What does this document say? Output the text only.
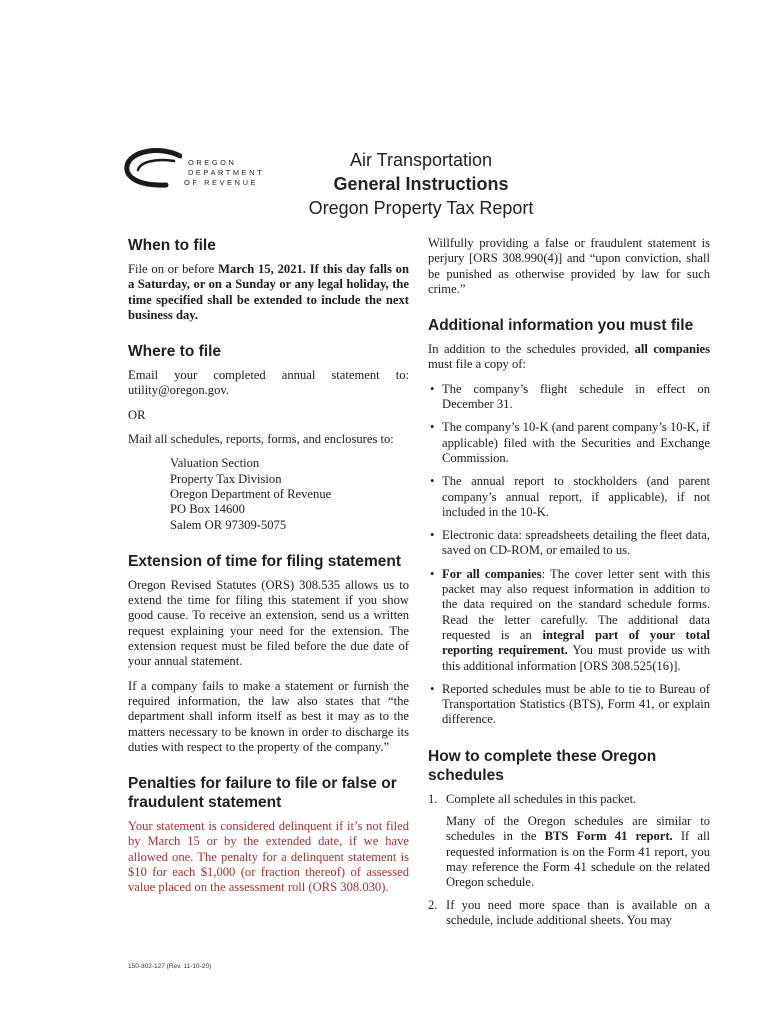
OREGON
DEPARTMENT
OF REVENUE
Air Transportation
General Instructions
Oregon Property Tax Report
When to file

File on or before March 15, 2021. If this day falls on a Saturday, or on a Sunday or any legal holiday, the time specified shall be extended to include the next business day.

Where to file

Email your completed annual statement to: utility@oregon.gov.

OR

Mail all schedules, reports, forms, and enclosures to:

Valuation Section
Property Tax Division
Oregon Department of Revenue
PO Box 14600
Salem OR 97309-5075
Extension of time for filing statement

Oregon Revised Statutes (ORS) 308.535 allows us to extend the time for filing this statement if you show good cause. To receive an extension, send us a written request explaining your need for the extension. The extension request must be filed before the due date of your annual statement.

If a company fails to make a statement or furnish the required information, the law also states that “the department shall inform itself as best it may as to the matters necessary to be known in order to discharge its duties with respect to the property of the company.”

Penalties for failure to file or false or fraudulent statement

Your statement is considered delinquent if it’s not filed by March 15 or by the extended date, if we have allowed one. The penalty for a delinquent statement is $10 for each $1,000 (or fraction thereof) of assessed value placed on the assessment roll (ORS 308.030).

Willfully providing a false or fraudulent statement is perjury [ORS 308.990(4)] and “upon conviction, shall be punished as otherwise provided by law for such crime.”

Additional information you must file

In addition to the schedules provided, all companies must file a copy of:

• The company’s flight schedule in effect on December 31.
• The company’s 10-K (and parent company’s 10-K, if applicable) filed with the Securities and Exchange Commission.
• The annual report to stockholders (and parent company’s annual report, if applicable), if not included in the 10-K.
• Electronic data: spreadsheets detailing the fleet data, saved on CD-ROM, or emailed to us.
• For all companies: The cover letter sent with this packet may also request information in addition to the data required on the standard schedule forms. Read the letter carefully. The additional data requested is an integral part of your total reporting requirement. You must provide us with this additional information [ORS 308.525(16)].
• Reported schedules must be able to tie to Bureau of Transportation Statistics (BTS), Form 41, or explain difference.
How to complete these Oregon schedules
1. Complete all schedules in this packet.

Many of the Oregon schedules are similar to schedules in the BTS Form 41 report. If all requested information is on the Form 41 report, you may reference the Form 41 schedule on the related Oregon schedule.

2. If you need more space than is available on a schedule, include additional sheets. You may
150-302-127 (Rev. 11-10-20)
